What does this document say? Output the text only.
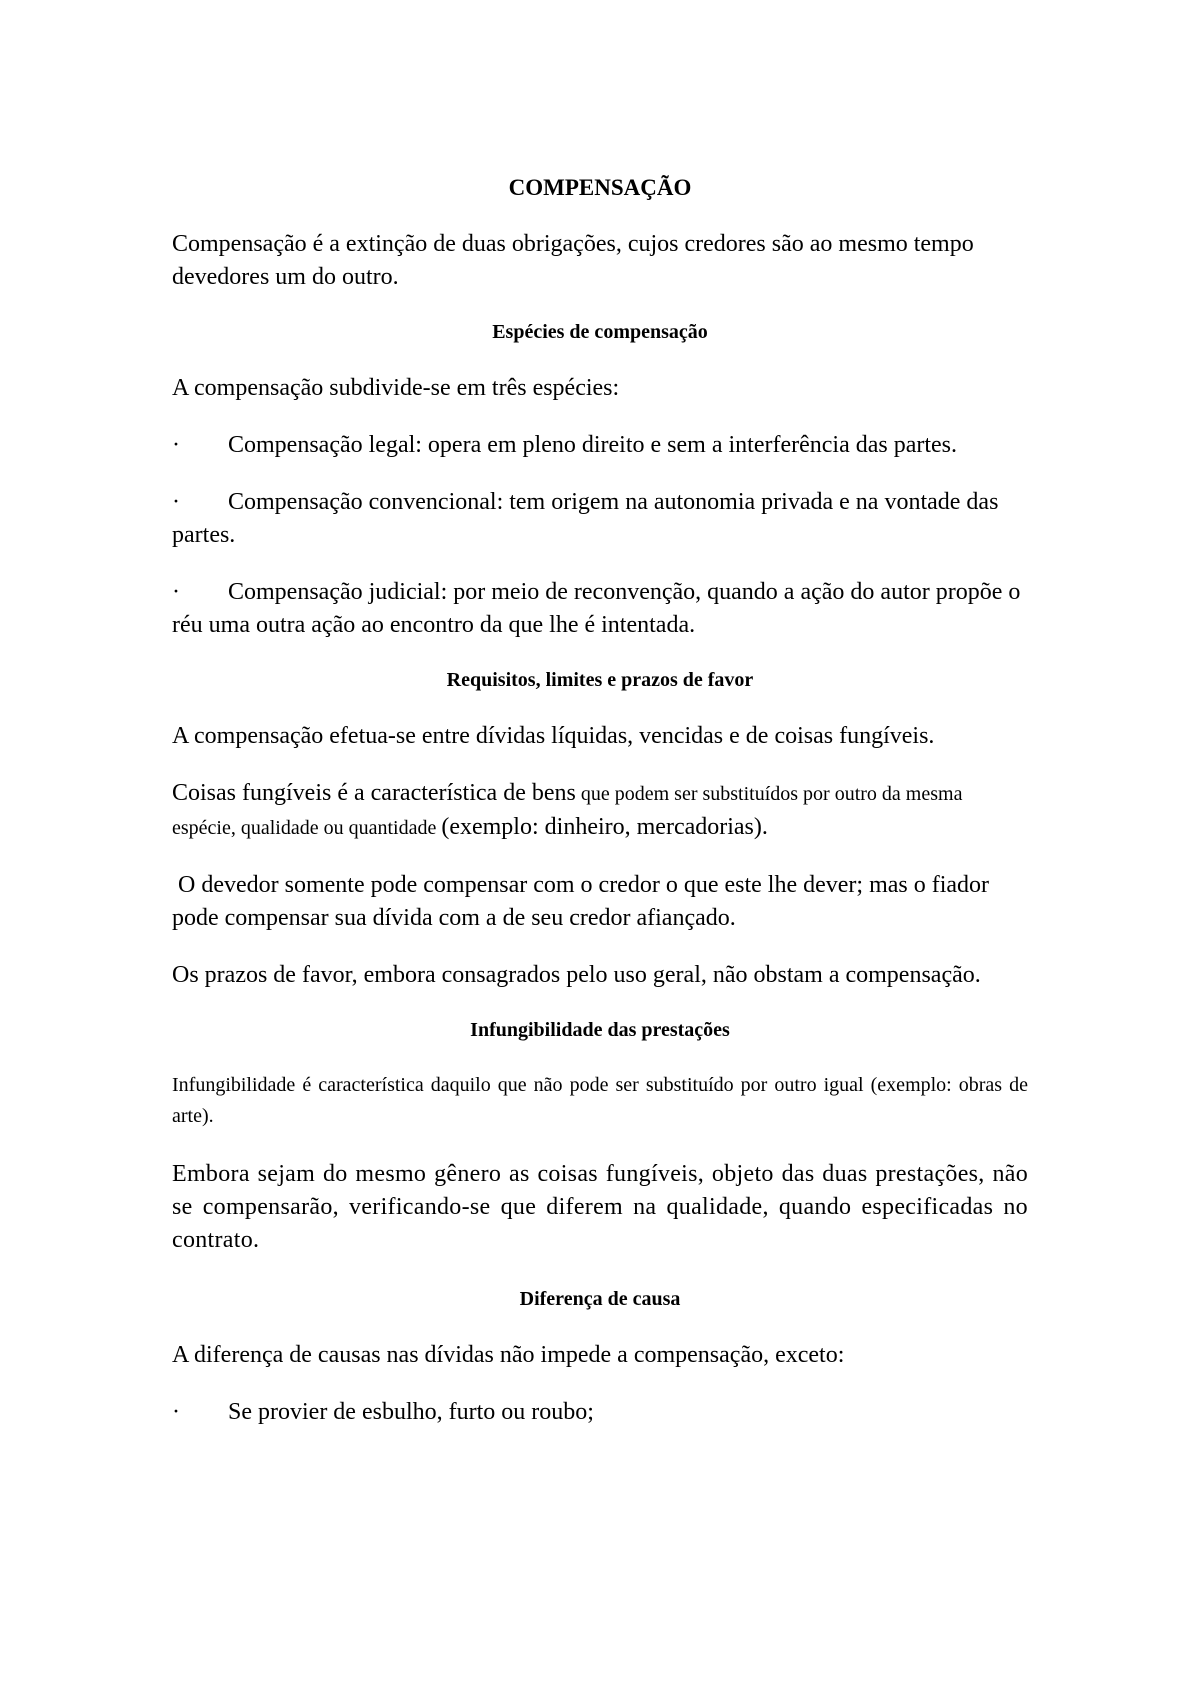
COMPENSAÇÃO

Compensação é a extinção de duas obrigações, cujos credores são ao mesmo tempo devedores um do outro.

Espécies de compensação

A compensação subdivide-se em três espécies:

· Compensação legal: opera em pleno direito e sem a interferência das partes.

· Compensação convencional: tem origem na autonomia privada e na vontade das partes.

· Compensação judicial: por meio de reconvenção, quando a ação do autor propõe o réu uma outra ação ao encontro da que lhe é intentada.

Requisitos, limites e prazos de favor

A compensação efetua-se entre dívidas líquidas, vencidas e de coisas fungíveis.

Coisas fungíveis é a característica de bens que podem ser substituídos por outro da mesma espécie, qualidade ou quantidade (exemplo: dinheiro, mercadorias).

O devedor somente pode compensar com o credor o que este lhe dever; mas o fiador pode compensar sua dívida com a de seu credor afiançado.

Os prazos de favor, embora consagrados pelo uso geral, não obstam a compensação.

Infungibilidade das prestações

Infungibilidade é característica daquilo que não pode ser substituído por outro igual (exemplo: obras de arte).

Embora sejam do mesmo gênero as coisas fungíveis, objeto das duas prestações, não se compensarão, verificando-se que diferem na qualidade, quando especificadas no contrato.

Diferença de causa

A diferença de causas nas dívidas não impede a compensação, exceto:

· Se provier de esbulho, furto ou roubo;
